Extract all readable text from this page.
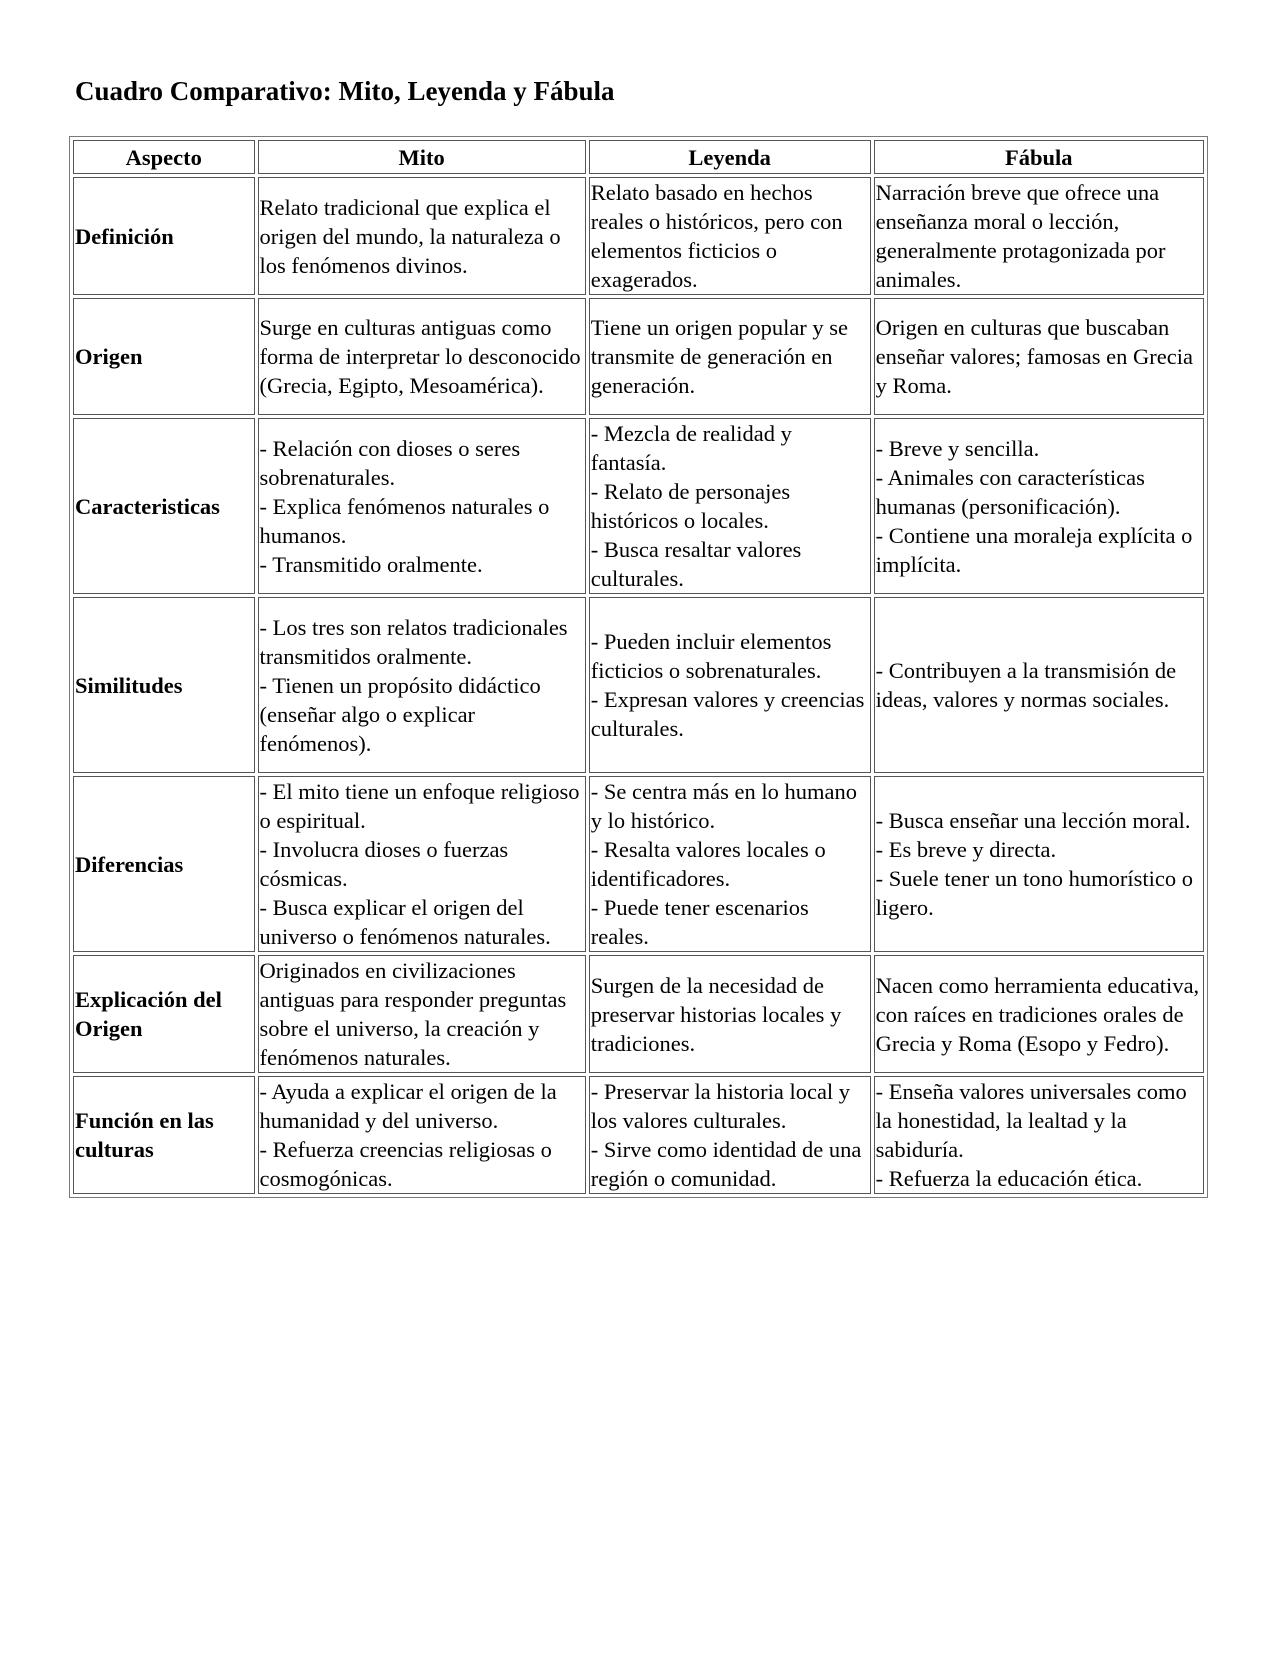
Cuadro Comparativo: Mito, Leyenda y Fábula
Aspecto	Mito	Leyenda	Fábula

Definición	Relato tradicional que explica el origen del mundo, la naturaleza o los fenómenos divinos.	Relato basado en hechos reales o históricos, pero con elementos ficticios o exagerados.	Narración breve que ofrece una enseñanza moral o lección, generalmente protagonizada por animales.

Origen	Surge en culturas antiguas como forma de interpretar lo desconocido (Grecia, Egipto, Mesoamérica).	Tiene un origen popular y se transmite de generación en generación.	Origen en culturas que buscaban enseñar valores; famosas en Grecia y Roma.

Caracteristicas	- Relación con dioses o seres sobrenaturales.
- Explica fenómenos naturales o humanos.
- Transmitido oralmente.	- Mezcla de realidad y fantasía.
- Relato de personajes históricos o locales.
- Busca resaltar valores culturales.	- Breve y sencilla.
- Animales con características humanas (personificación).
- Contiene una moraleja explícita o implícita.

Similitudes	- Los tres son relatos tradicionales transmitidos oralmente.
- Tienen un propósito didáctico (enseñar algo o explicar fenómenos).	- Pueden incluir elementos ficticios o sobrenaturales.
- Expresan valores y creencias culturales.	- Contribuyen a la transmisión de ideas, valores y normas sociales.

Diferencias	- El mito tiene un enfoque religioso o espiritual.
- Involucra dioses o fuerzas cósmicas.
- Busca explicar el origen del universo o fenómenos naturales.	- Se centra más en lo humano y lo histórico.
- Resalta valores locales o identificadores.
- Puede tener escenarios reales.	- Busca enseñar una lección moral.
- Es breve y directa.
- Suele tener un tono humorístico o ligero.

Explicación del Origen	Originados en civilizaciones antiguas para responder preguntas sobre el universo, la creación y fenómenos naturales.	Surgen de la necesidad de preservar historias locales y tradiciones.	Nacen como herramienta educativa, con raíces en tradiciones orales de Grecia y Roma (Esopo y Fedro).

Función en las culturas	- Ayuda a explicar el origen de la humanidad y del universo.
- Refuerza creencias religiosas o cosmogónicas.	- Preservar la historia local y los valores culturales.
- Sirve como identidad de una región o comunidad.	- Enseña valores universales como la honestidad, la lealtad y la sabiduría.
- Refuerza la educación ética.
